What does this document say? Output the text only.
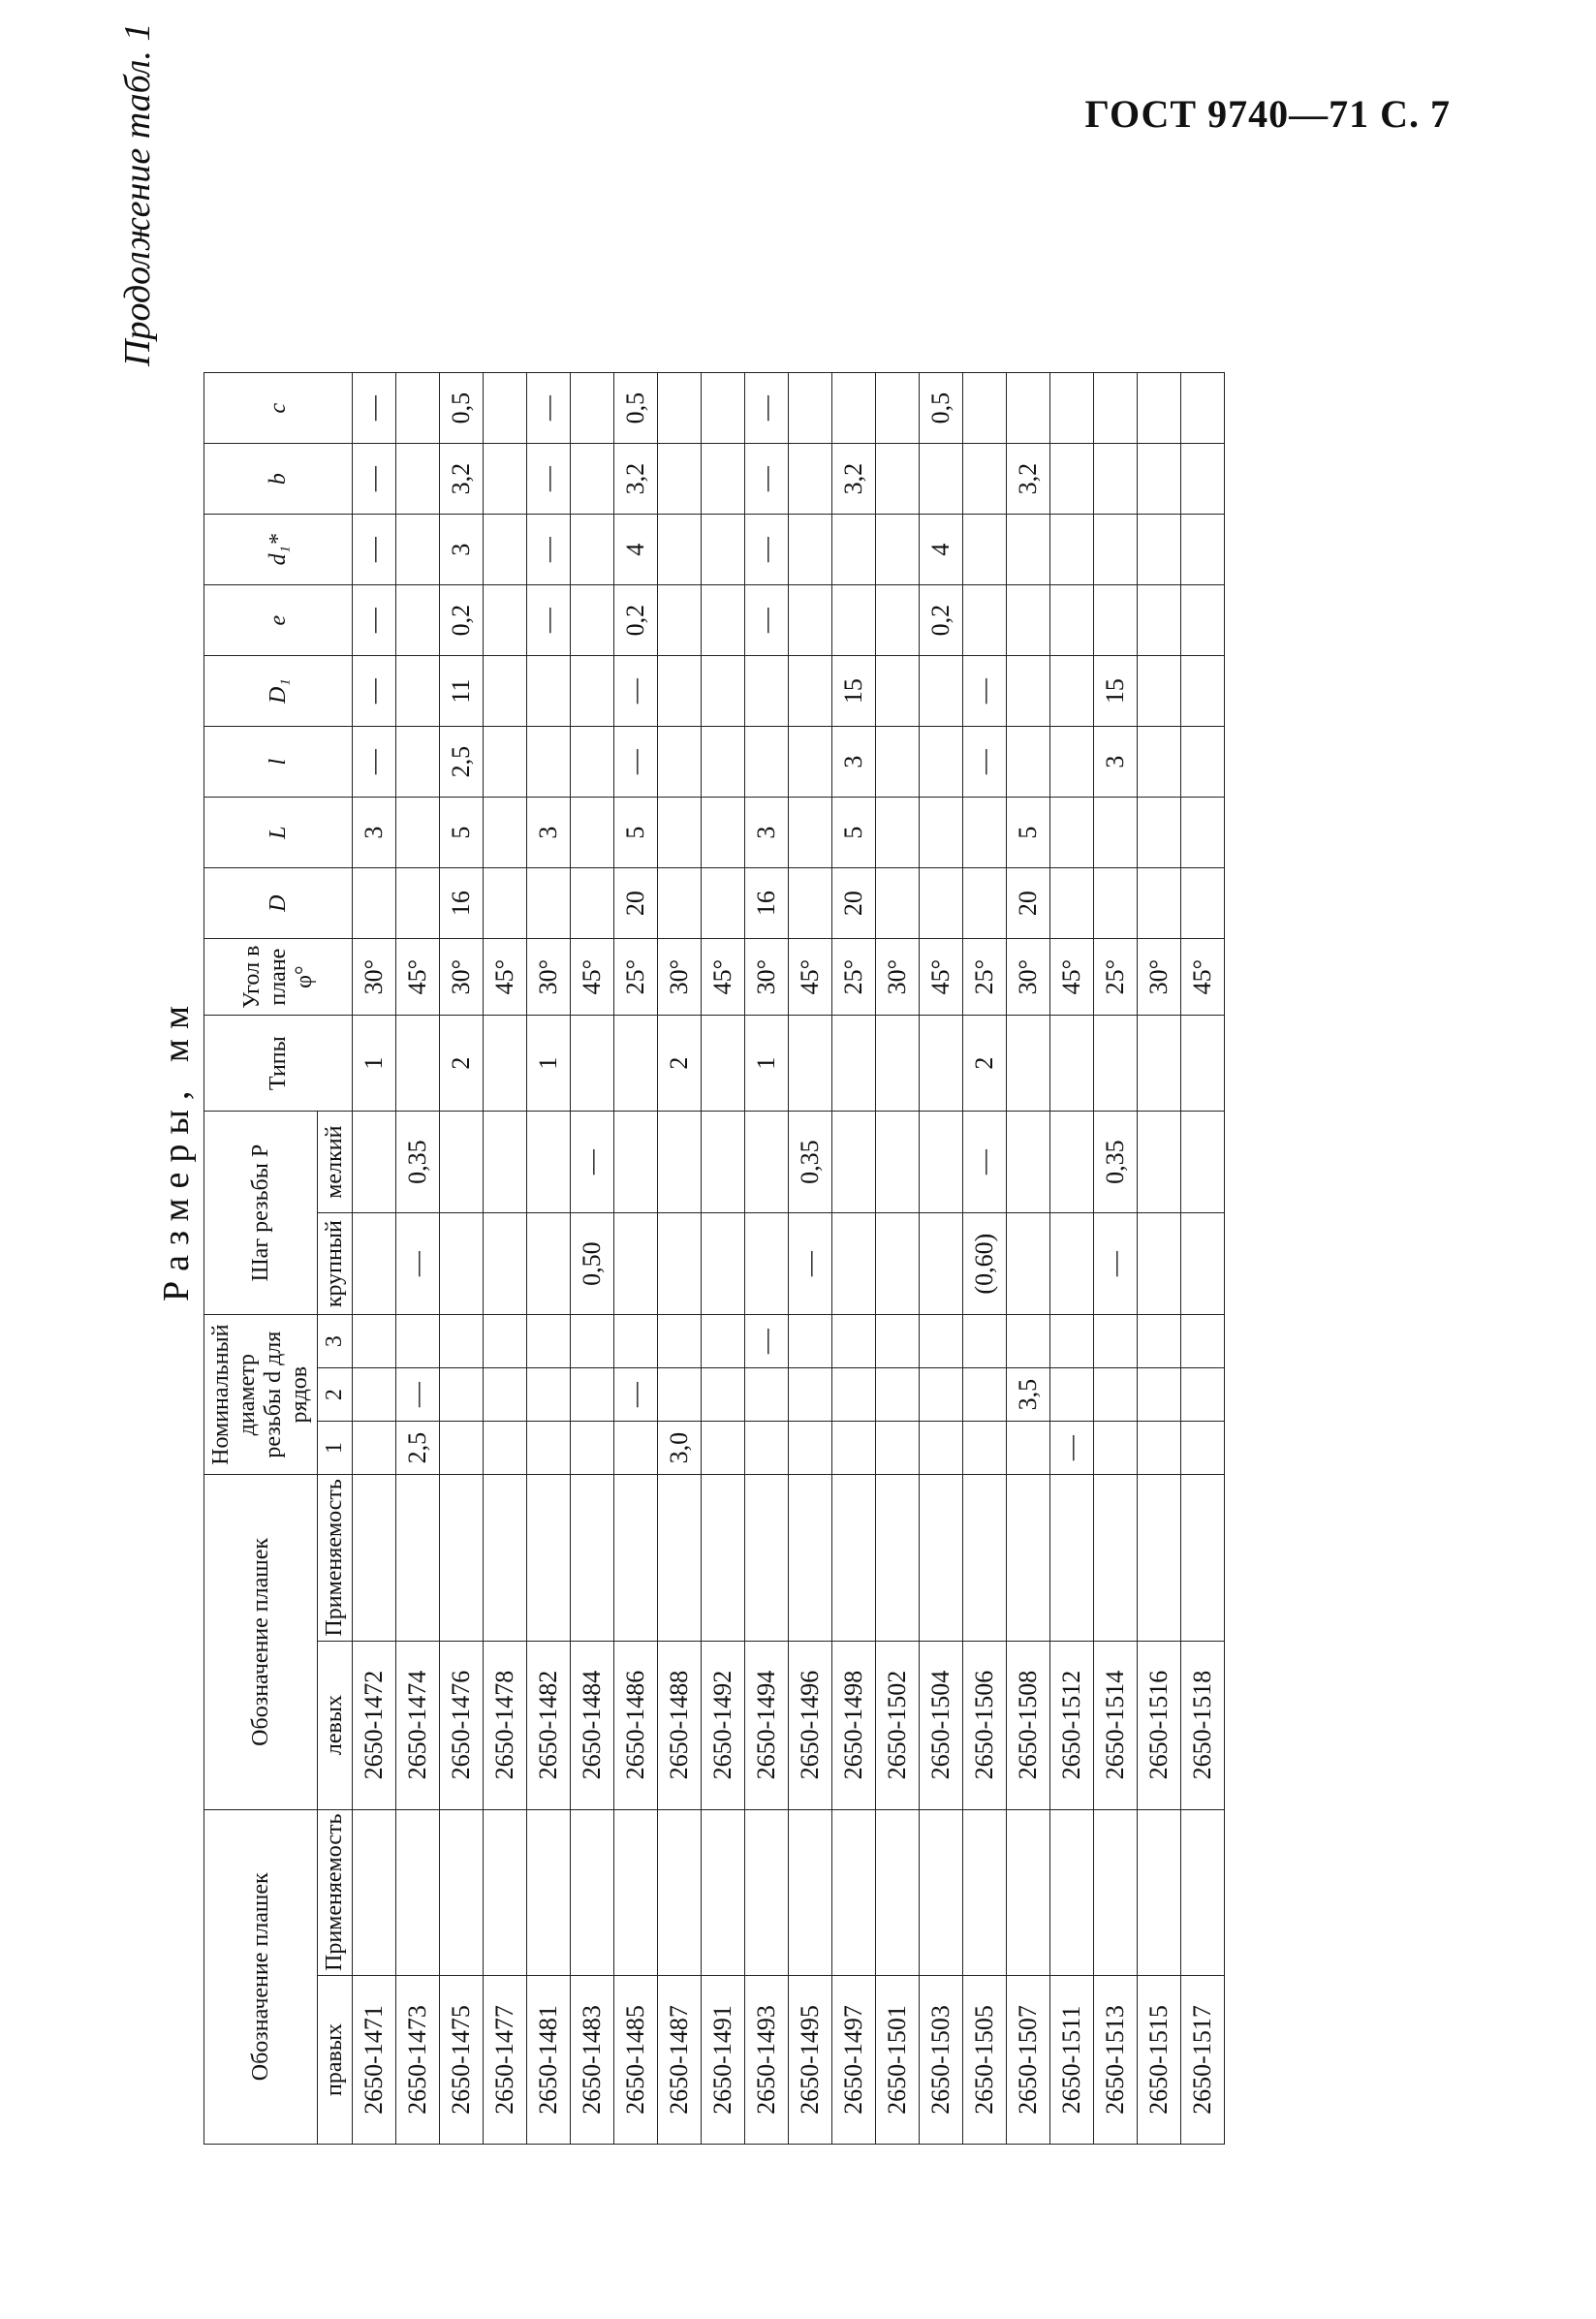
ГОСТ 9740—71 С. 7
Продолжение табл. 1
Размеры, мм
Обозначение плашек		Обозначение плашек		Номинальный диаметр резьбы d для рядов			Шаг резьбы P		Типы	Угол в плане φ°	D	L	l	D₁	e	d₁*	b	c
правых	Применяемость	левых	Применяемость	1	2	3	крупный	мелкий										
2650-1471		2650-1472							1	30°		3	—	—	—	—	—	—
2650-1473		2650-1474		2,5	—		—	0,35		45°								
2650-1475		2650-1476							2	30°	16	5	2,5	11	0,2	3	3,2	0,5
2650-1477		2650-1478								45°								
2650-1481		2650-1482							1	30°		3			—	—	—	—
2650-1483		2650-1484					0,50	—		45°								
2650-1485		2650-1486			—					25°	20	5	—	—	0,2	4	3,2	0,5
2650-1487		2650-1488		3,0					2	30°								
2650-1491		2650-1492								45°								
2650-1493		2650-1494				—			1	30°	16	3			—	—	—	—
2650-1495		2650-1496					—	0,35		45°								
2650-1497		2650-1498								25°	20	5	3	15			3,2	
2650-1501		2650-1502								30°								
2650-1503		2650-1504								45°					0,2	4		0,5
2650-1505		2650-1506					(0,60)	—	2	25°			—	—				
2650-1507		2650-1508			3,5					30°	20	5					3,2	
2650-1511		2650-1512		—						45°								
2650-1513		2650-1514					—	0,35		25°			3	15				
2650-1515		2650-1516								30°								
2650-1517		2650-1518								45°								
